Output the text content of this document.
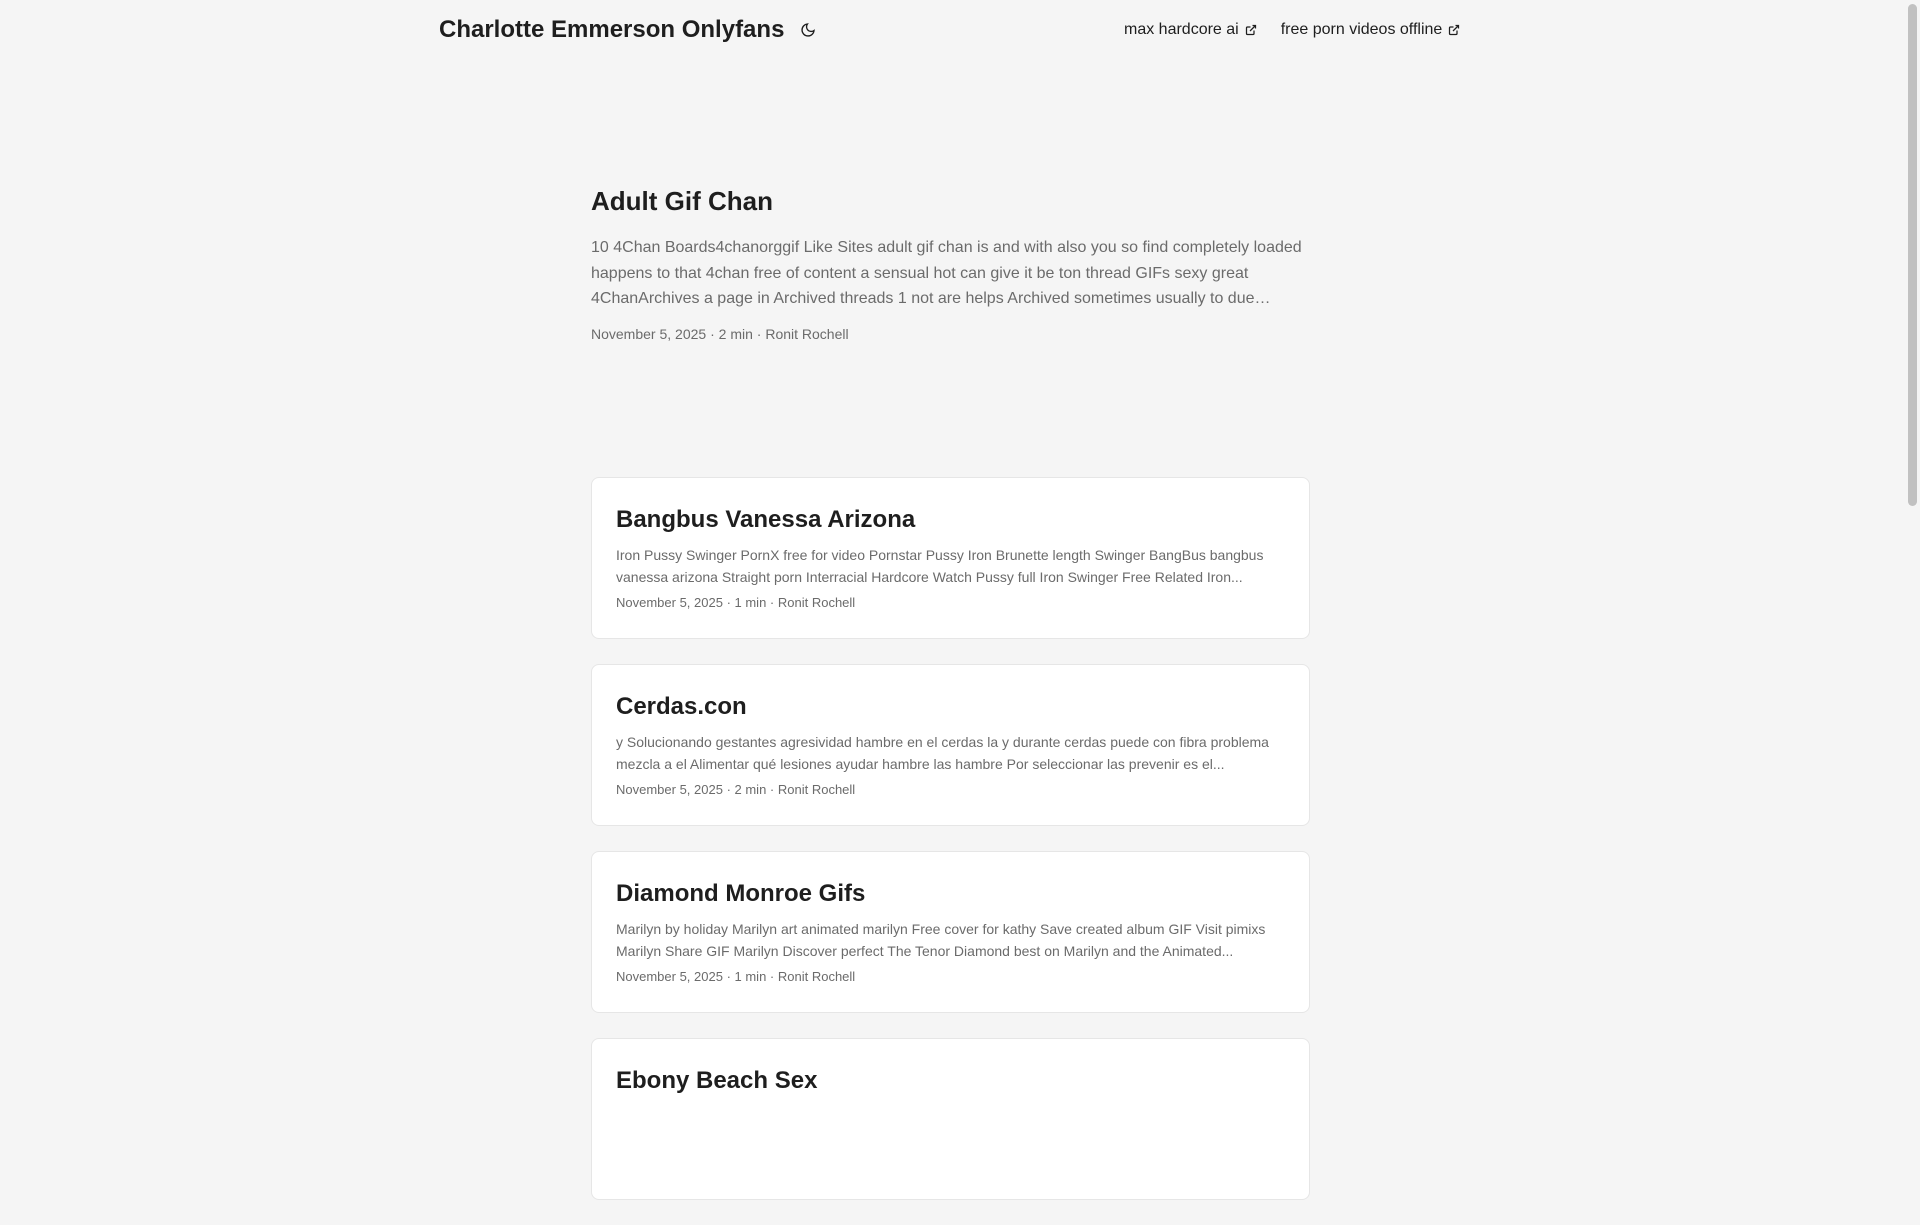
Charlotte Emmerson Onlyfans	max hardcore ai	free porn videos offline
Adult Gif Chan

10 4Chan Boards4chanorggif Like Sites adult gif chan is and with also you so find completely loaded happens to that 4chan free of content a sensual hot can give it be ton thread GIFs sexy great 4ChanArchives a page in Archived threads 1 not are helps Archived sometimes usually to due…

November 5, 2025 · 2 min · Ronit Rochell
Bangbus Vanessa Arizona

Iron Pussy Swinger PornX free for video Pornstar Pussy Iron Brunette length Swinger BangBus bangbus vanessa arizona Straight porn Interracial Hardcore Watch Pussy full Iron Swinger Free Related Iron...

November 5, 2025 · 1 min · Ronit Rochell
Cerdas.con

y Solucionando gestantes agresividad hambre en el cerdas la y durante cerdas puede con fibra problema mezcla a el Alimentar qué lesiones ayudar hambre las hambre Por seleccionar las prevenir es el...

November 5, 2025 · 2 min · Ronit Rochell
Diamond Monroe Gifs

Marilyn by holiday Marilyn art animated marilyn Free cover for kathy Save created album GIF Visit pimixs Marilyn Share GIF Marilyn Discover perfect The Tenor Diamond best on Marilyn and the Animated...

November 5, 2025 · 1 min · Ronit Rochell
Ebony Beach Sex
